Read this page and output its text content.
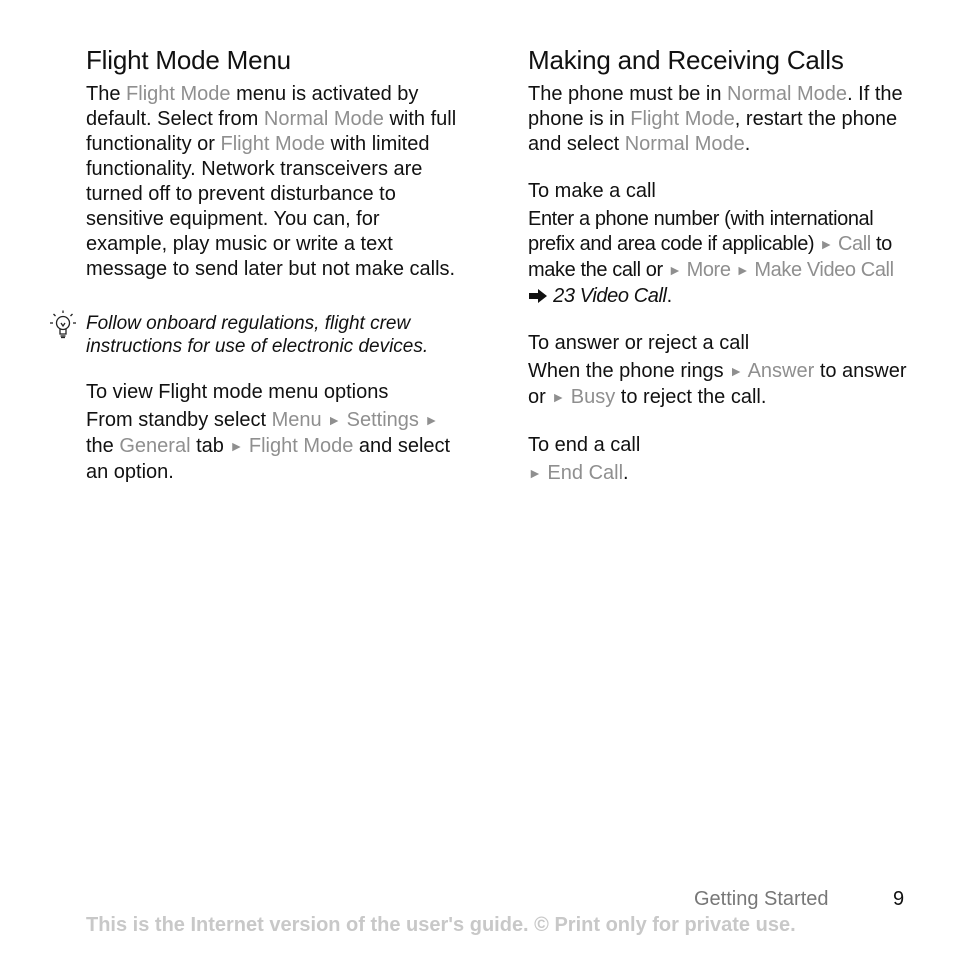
Flight Mode Menu

The Flight Mode menu is activated by default. Select from Normal Mode with full functionality or Flight Mode with limited functionality. Network transceivers are turned off to prevent disturbance to sensitive equipment. You can, for example, play music or write a text message to send later but not make calls.

Follow onboard regulations, flight crew instructions for use of electronic devices.
To view Flight mode menu options

From standby select Menu ► Settings ► the General tab ► Flight Mode and select an option.

Making and Receiving Calls

The phone must be in Normal Mode. If the phone is in Flight Mode, restart the phone and select Normal Mode.

To make a call

Enter a phone number (with international prefix and area code if applicable) ► Call to make the call or ► More ► Make Video Call  23 Video Call.

To answer or reject a call

When the phone rings ► Answer to answer or ► Busy to reject the call.

To end a call

► End Call.

Getting Started	9
This is the Internet version of the user's guide. © Print only for private use.
